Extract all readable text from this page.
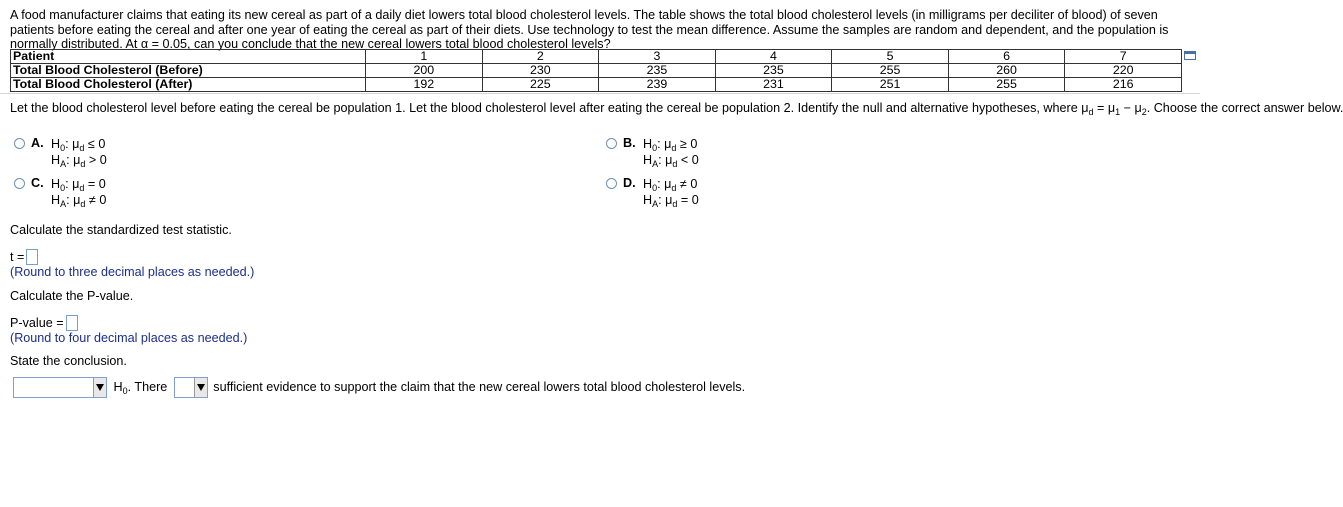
A food manufacturer claims that eating its new cereal as part of a daily diet lowers total blood cholesterol levels. The table shows the total blood cholesterol levels (in milligrams per deciliter of blood) of seven patients before eating the cereal and after one year of eating the cereal as part of their diets. Use technology to test the mean difference. Assume the samples are random and dependent, and the population is normally distributed. At α = 0.05, can you conclude that the new cereal lowers total blood cholesterol levels?
Patient	1	2	3	4	5	6	7
Total Blood Cholesterol (Before)	200	230	235	235	255	260	220
Total Blood Cholesterol (After)	192	225	239	231	251	255	216
Let the blood cholesterol level before eating the cereal be population 1. Let the blood cholesterol level after eating the cereal be population 2. Identify the null and alternative hypotheses, where $\mu_d = \mu_1 - \mu_2$. Choose the correct answer below.
A. $H_0$: $\mu_d \le 0$
$H_A$: $\mu_d > 0$
B. $H_0$: $\mu_d \ge 0$
$H_A$: $\mu_d < 0$
C. $H_0$: $\mu_d = 0$
$H_A$: $\mu_d \ne 0$
D. $H_0$: $\mu_d \ne 0$
$H_A$: $\mu_d = 0$
Calculate the standardized test statistic.
t =
(Round to three decimal places as needed.)
Calculate the P-value.
P-value =
(Round to four decimal places as needed.)
State the conclusion.
$H_0$. There	sufficient evidence to support the claim that the new cereal lowers total blood cholesterol levels.
